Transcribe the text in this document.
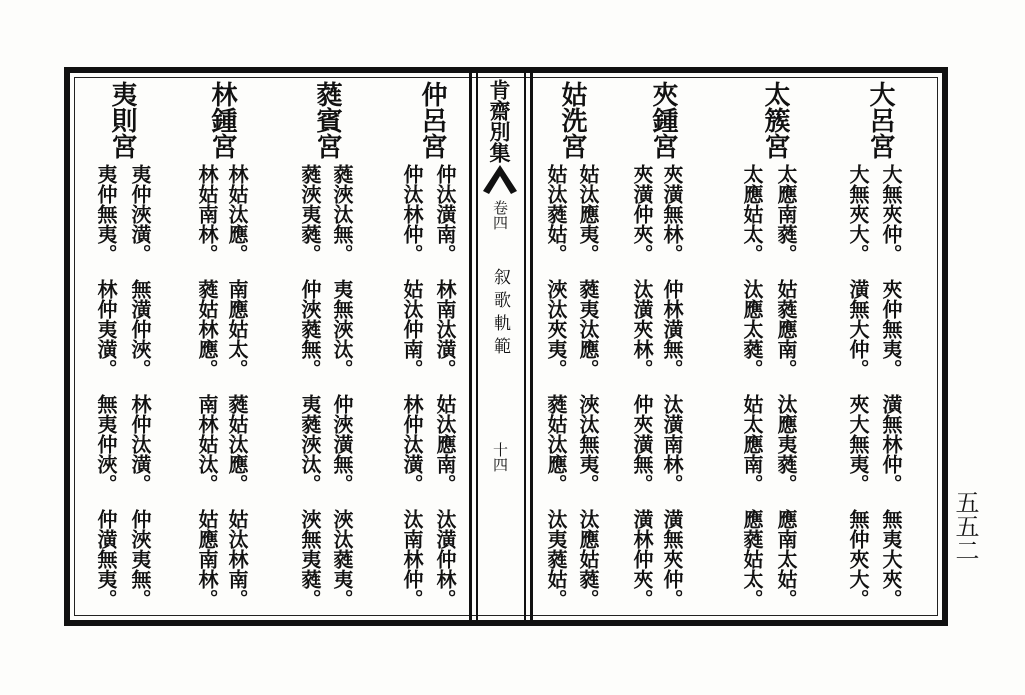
肯齋別集
卷四
叙歌軌範
十四
五五二
大呂宮
大無夾仲。
大無夾大。
夾仲無夷。
潢無大仲。
潢無林仲。
夾大無夷。
無夷大夾。
無仲夾大。
太簇宮
太應南蕤。
太應姑太。
姑蕤應南。
汰應太蕤。
汰應夷蕤。
姑太應南。
應南太姑。
應蕤姑太。
夾鍾宮
夾潢無林。
夾潢仲夾。
仲林潢無。
汰潢夾林。
汰潢南林。
仲夾潢無。
潢無夾仲。
潢林仲夾。
姑洗宮
姑汰應夷。
姑汰蕤姑。
蕤夷汰應。
浹汰夾夷。
浹汰無夷。
蕤姑汰應。
汰應姑蕤。
汰夷蕤姑。
仲呂宮
仲汰潢南。
仲汰林仲。
林南汰潢。
姑汰仲南。
姑汰應南。
林仲汰潢。
汰潢仲林。
汰南林仲。
蕤賓宮
蕤浹汰無。
蕤浹夷蕤。
夷無浹汰。
仲浹蕤無。
仲浹潢無。
夷蕤浹汰。
浹汰蕤夷。
浹無夷蕤。
林鍾宮
林姑汰應。
林姑南林。
南應姑太。
蕤姑林應。
蕤姑汰應。
南林姑汰。
姑汰林南。
姑應南林。
夷則宮
夷仲浹潢。
夷仲無夷。
無潢仲浹。
林仲夷潢。
林仲汰潢。
無夷仲浹。
仲浹夷無。
仲潢無夷。
